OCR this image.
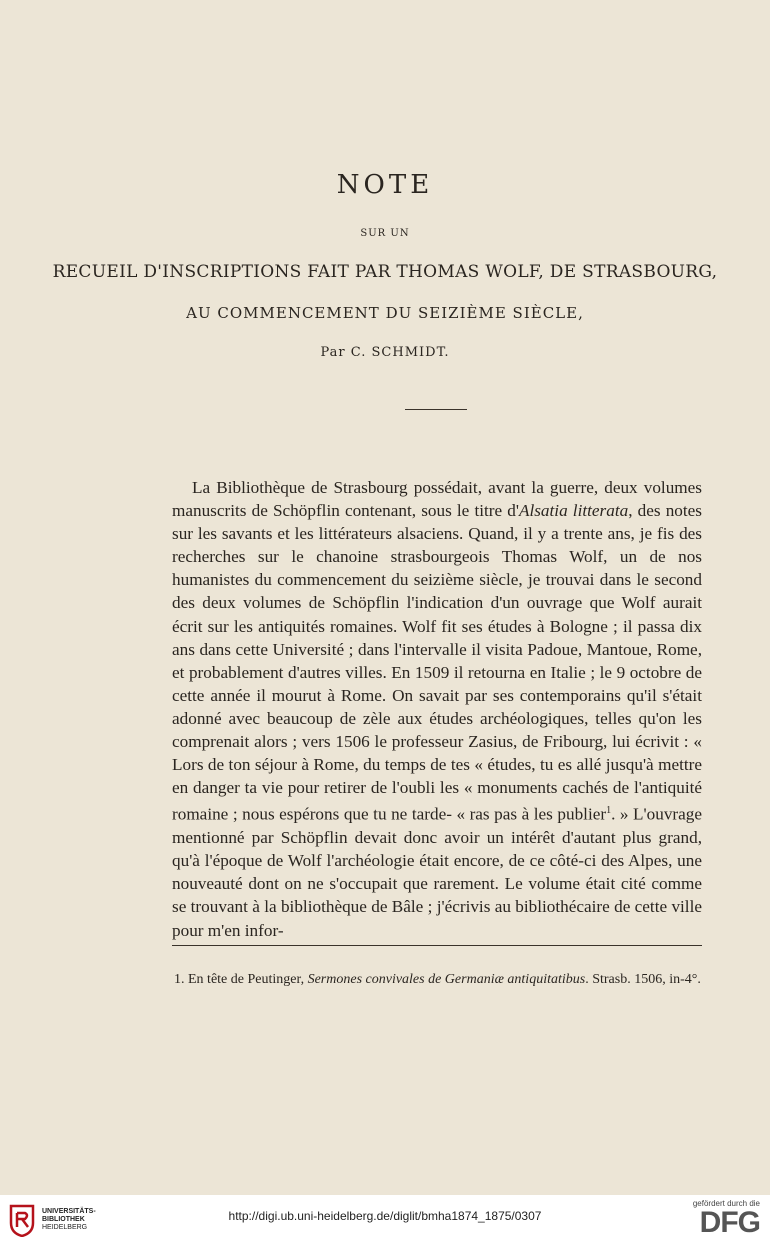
NOTE
SUR UN
RECUEIL D'INSCRIPTIONS FAIT PAR THOMAS WOLF, DE STRASBOURG,
AU COMMENCEMENT DU SEIZIÈME SIÈCLE,
Par C. SCHMIDT.
La Bibliothèque de Strasbourg possédait, avant la guerre, deux volumes manuscrits de Schöpflin contenant, sous le titre d'Alsatia litterata, des notes sur les savants et les littérateurs alsaciens. Quand, il y a trente ans, je fis des recherches sur le chanoine strasbourgeois Thomas Wolf, un de nos humanistes du commencement du seizième siècle, je trouvai dans le second des deux volumes de Schöpflin l'indication d'un ouvrage que Wolf aurait écrit sur les antiquités romaines. Wolf fit ses études à Bologne ; il passa dix ans dans cette Université ; dans l'intervalle il visita Padoue, Mantoue, Rome, et probablement d'autres villes. En 1509 il retourna en Italie ; le 9 octobre de cette année il mourut à Rome. On savait par ses contemporains qu'il s'était adonné avec beaucoup de zèle aux études archéologiques, telles qu'on les comprenait alors ; vers 1506 le professeur Zasius, de Fribourg, lui écrivit : « Lors de ton séjour à Rome, du temps de tes « études, tu es allé jusqu'à mettre en danger ta vie pour retirer de l'oubli les « monuments cachés de l'antiquité romaine ; nous espérons que tu ne tarde- « ras pas à les publier$^1$. » L'ouvrage mentionné par Schöpflin devait donc avoir un intérêt d'autant plus grand, qu'à l'époque de Wolf l'archéologie était encore, de ce côté-ci des Alpes, une nouveauté dont on ne s'occupait que rarement. Le volume était cité comme se trouvant à la bibliothèque de Bâle ; j'écrivis au bibliothécaire de cette ville pour m'en infor-
1. En tête de Peutinger, Sermones convivales de Germaniæ antiquitatibus. Strasb. 1506, in-4°.
UNIVERSITÄTS-
BIBLIOTHEK
HEIDELBERG
http://digi.ub.uni-heidelberg.de/diglit/bmha1874_1875/0307
gefördert durch die
DFG
